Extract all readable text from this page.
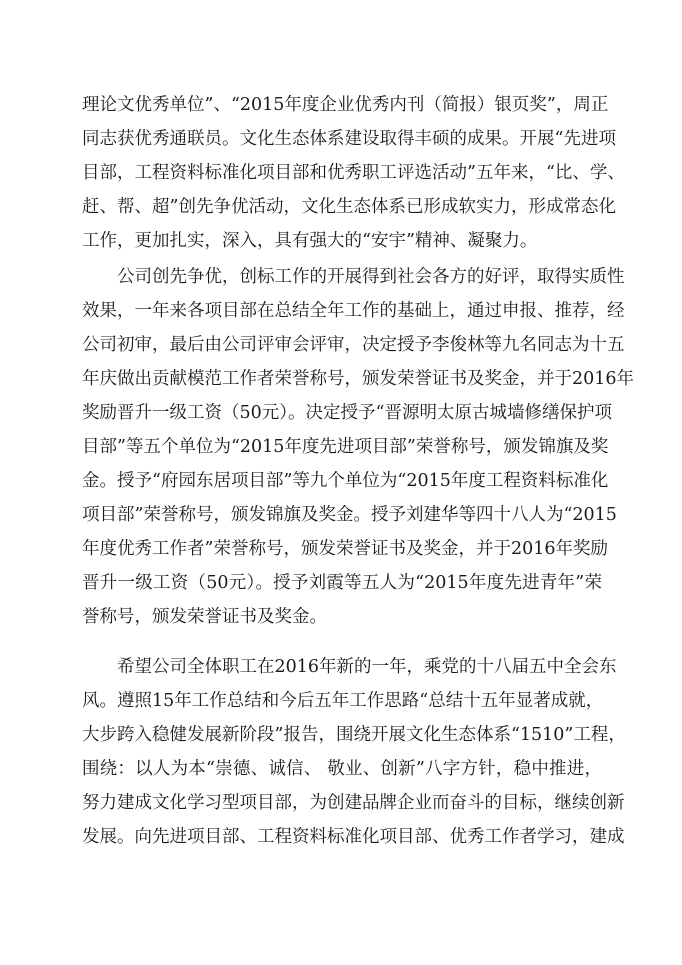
理论文优秀单位”、“2015年度企业优秀内刊（简报）银页奖”，周正
同志获优秀通联员。文化生态体系建设取得丰硕的成果。开展“先进项
目部，工程资料标准化项目部和优秀职工评选活动”五年来，“比、学、
赶、帮、超”创先争优活动，文化生态体系已形成软实力，形成常态化
工作，更加扎实，深入，具有强大的“安宇”精神、凝聚力。
公司创先争优，创标工作的开展得到社会各方的好评，取得实质性
效果，一年来各项目部在总结全年工作的基础上，通过申报、推荐，经
公司初审，最后由公司评审会评审，决定授予李俊林等九名同志为十五
年庆做出贡献模范工作者荣誉称号，颁发荣誉证书及奖金，并于2016年
奖励晋升一级工资（50元）。决定授予“晋源明太原古城墙修缮保护项
目部”等五个单位为“2015年度先进项目部”荣誉称号，颁发锦旗及奖
金。授予“府园东居项目部”等九个单位为“2015年度工程资料标准化
项目部”荣誉称号，颁发锦旗及奖金。授予刘建华等四十八人为“2015
年度优秀工作者”荣誉称号，颁发荣誉证书及奖金，并于2016年奖励
晋升一级工资（50元）。授予刘霞等五人为“2015年度先进青年”荣
誉称号，颁发荣誉证书及奖金。
希望公司全体职工在2016年新的一年，乘党的十八届五中全会东
风。遵照15年工作总结和今后五年工作思路“总结十五年显著成就，
大步跨入稳健发展新阶段”报告，围绕开展文化生态体系“1510”工程，
围绕：以人为本“崇德、诚信、 敬业、创新”八字方针，稳中推进，
努力建成文化学习型项目部，为创建品牌企业而奋斗的目标，继续创新
发展。向先进项目部、工程资料标准化项目部、优秀工作者学习，建成
